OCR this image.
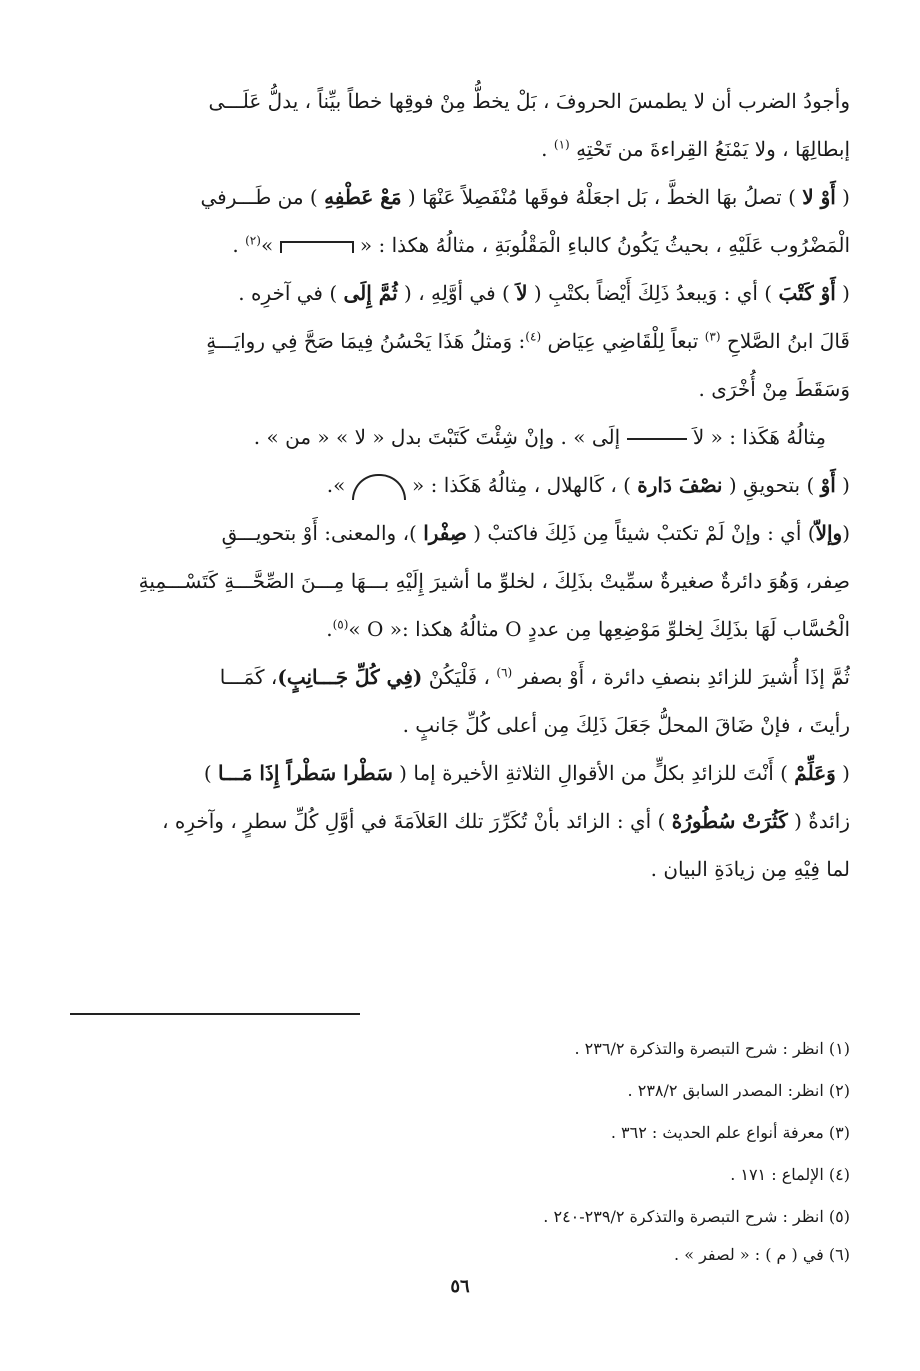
وأجودُ الضرب أن لا يطمسَ الحروفَ ، بَلْ يخطُّ مِنْ فوقِها خطاً بيِّناً ، يدلُّ عَلَـــى
إبطالِهَا ، ولا يَمْنَعُ القِراءةَ من تَحْتِهِ $^{(١)}$ .
( أَوْ لا ) تصلُ بهَا الخطَّ ، بَل اجعَلْهُ فوقَها مُنْفَصِلاً عَنْهَا ( مَعْ عَطْفِهِ ) من طَـــرفي
الْمَضْرُوب عَلَيْهِ ، بحيثُ يَكُونُ كالباءِ الْمَقْلُوبَةِ ، مثالُهُ هكذا : «  »$^{(٢)}$ .
( أَوْ كَتْبَ ) أي : وَيبعدُ ذَلِكَ أَيْضاً بكتْبِ ( لاَ ) في أوَّلِهِ ، ( ثُمَّ إِلَى ) في آخرِه .
قَالَ ابنُ الصَّلاحِ $^{(٣)}$ تبعاً لِلْقَاضِي عِيَاض $^{(٤)}$: وَمثلُ هَذَا يَحْسُنُ فِيمَا صَحَّ فِي روايَـــةٍ
وَسَقَطَ مِنْ أُخْرَى .
مِثالُهُ هَكَذا : « لاَ  إلَى » . وإنْ شِئْتَ كَتَبْتَ بدل « لا » « من » .
( أَوْ ) بتحويقِ ( نصْفَ دَارة ) ، كَالهلال ، مِثالُهُ هَكَذا : «  ».
(وإلاّ) أي : وإنْ لَمْ تكتبْ شيئاً مِن ذَلِكَ فاكتبْ ( صِفْرا )، والمعنى: أَوْ بتحويـــقِ
صِفر، وَهُوَ دائرةٌ صغيرةٌ سمِّيتْ بذَلِكَ ، لخلوِّ ما أشيرَ إِلَيْهِ بـــهَا مِـــنَ الصِّحَّـــةِ كَتَسْـــمِيةِ
الْحُسَّاب لَهَا بذَلِكَ لِخلوِّ مَوْضِعِها مِن عددٍ O مثالُهُ هكذا :« O »$^{(٥)}$.
ثُمَّ إذَا أُشيرَ للزائدِ بنصفِ دائرة ، أَوْ بصفر $^{(٦)}$ ، فَلْيَكُنْ (فِي كُلِّ جَـــانِبٍ)، كَمَـــا
رأيتَ ، فإنْ ضَاقَ المحلُّ جَعَلَ ذَلِكَ مِن أعلى كُلِّ جَانبٍ .
( وَعَلِّمْ ) أَنْتَ للزائدِ بكلٍّ من الأقوالِ الثلاثةِ الأخيرة إما ( سَطْرا سَطْراً إِذَا مَـــا )
زائدةٌ ( كَثُرَتْ سُطُورُهْ ) أي : الزائد بأنْ تُكَرِّرَ تلك العَلاَمَةَ في أوَّلِ كُلِّ سطرٍ ، وآخرِه ،
لما فِيْهِ مِن زيادَةِ البيان .
(١) انظر : شرح التبصرة والتذكرة ٢٣٦/٢ .
(٢) انظر: المصدر السابق ٢٣٨/٢ .
(٣) معرفة أنواع علم الحديث : ٣٦٢ .
(٤) الإلماع : ١٧١ .
(٥) انظر : شرح التبصرة والتذكرة ٢٣٩/٢-٢٤٠ .
(٦) في ( م ) : « لصفر » .
٥٦
